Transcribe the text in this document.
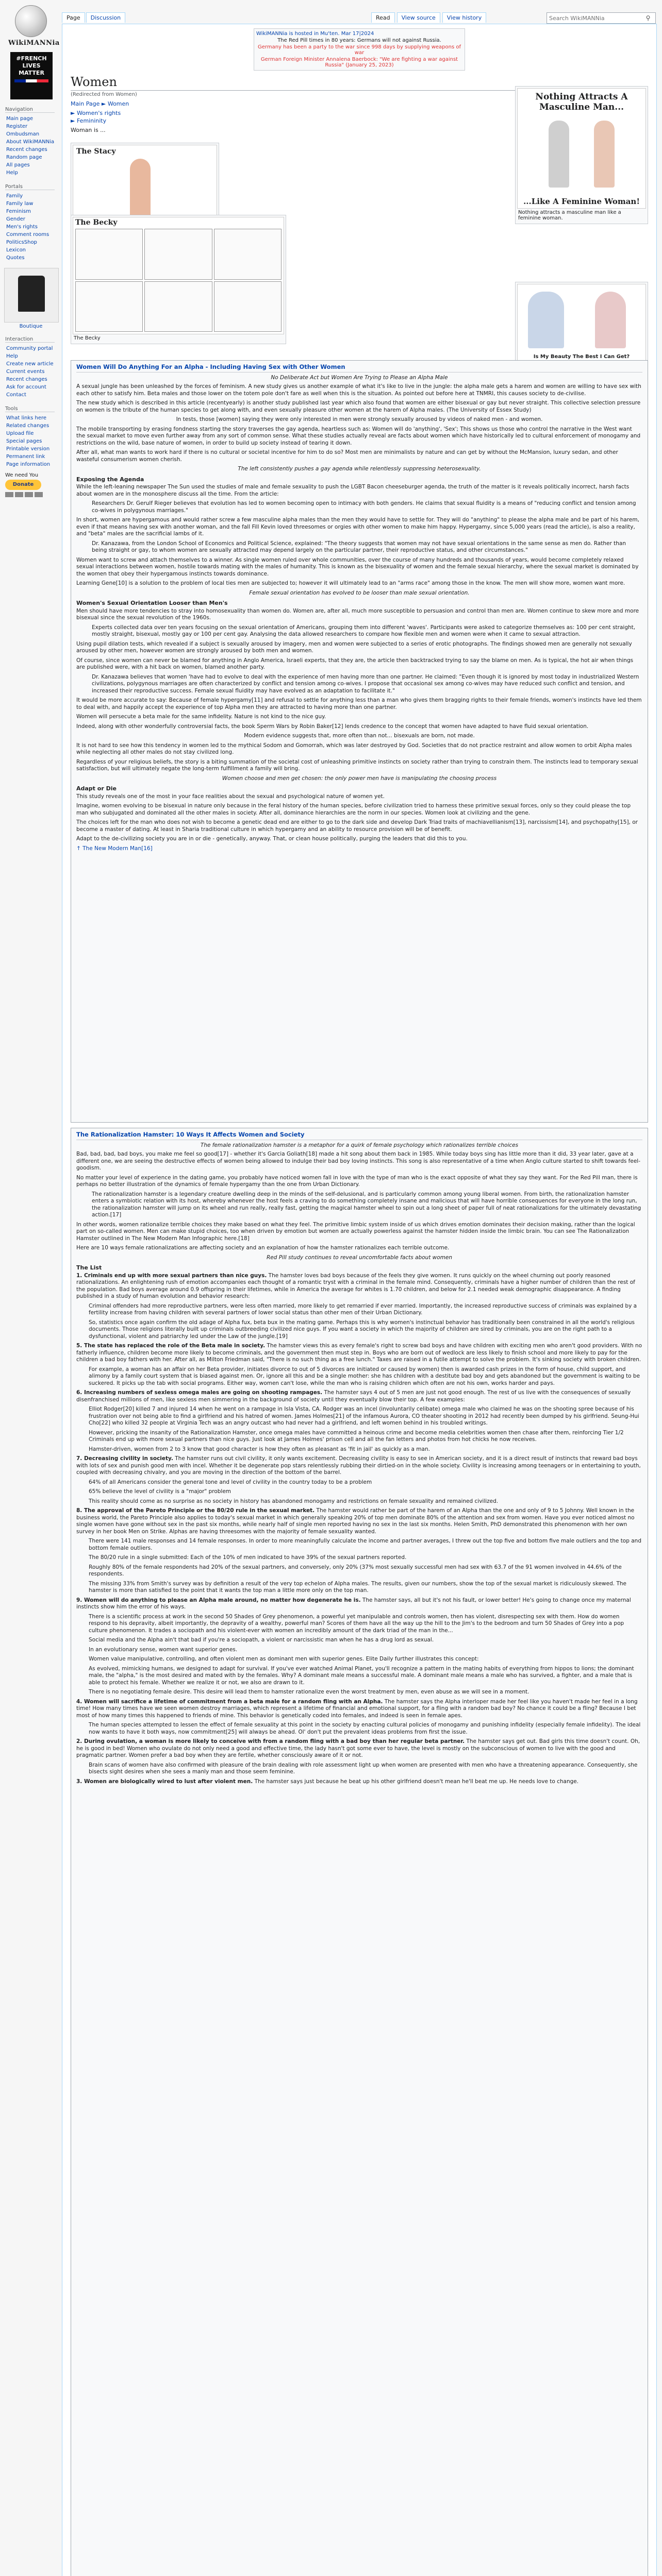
WikiMANNia
#FRENCH LIVES MATTER
Navigation
Main page
Register
Ombudsman
About WikiMANNia
Recent changes
Random page
All pages
Help
Portals
Family
Family law
Feminism
Gender
Men's rights
Comment rooms
PoliticsShop
Lexicon
Quotes
Boutique
Interaction
Community portal
Help
Create new article
Current events
Recent changes
Ask for account
Contact
Tools
What links here
Related changes
Upload file
Special pages
Printable version
Permanent link
Page information
We need You
Donate
Page	Discussion	Read	View source	View history
Search WikiMANNia	⚲
WikiMANNia is hosted in Mu'ten. Mar 17|2024
The Red Pill times in 80 years: Germans will not against Russia.
Germany has been a party to the war since 998 days by supplying weapons of war
German Foreign Minister Annalena Baerbock: "We are fighting a war against Russia" (January 25, 2023)
Women
(Redirected from Women)
Main Page ► Women
► Women's rights
► Femininity
Woman is ...
The Stacy
The Becky
The Becky
Nothing Attracts A Masculine Man...
...Like A Feminine Woman!
Nothing attracts a masculine man like a feminine woman.
Is My Beauty The Best I Can Get?
Women Will Do Anything For an Alpha - Including Having Sex with Other Women
No Deliberate Act but Women Are Trying to Please an Alpha Male

A sexual jungle has been unleashed by the forces of feminism. A new study gives us another example of what it's like to live in the jungle: the alpha male gets a harem and women are willing to have sex with each other to satisfy him. Beta males and those lower on the totem pole don't fare as well when this is the situation. As pointed out before here at TNMRI, this causes society to de-civilise.

The new study which is described in this article (recentyearly) is another study published last year which also found that women are either bisexual or gay but never straight. This collective selection pressure on women is the tribute of the human species to get along with, and even sexually pleasure other women at the harem of Alpha males. (The University of Essex Study)

In tests, those [women] saying they were only interested in men were strongly sexually aroused by videos of naked men - and women.

The mobile transporting by erasing fondness starting the story traverses the gay agenda, heartless such as: Women will do 'anything', 'Sex'; This shows us those who control the narrative in the West want the sexual market to move even further away from any sort of common sense. What these studies actually reveal are facts about women which have historically led to cultural enforcement of monogamy and restrictions on the wild, base nature of women, in order to build up society instead of tearing it down.

After all, what man wants to work hard if there is no cultural or societal incentive for him to do so? Most men are minimalists by nature and can get by without the McMansion, luxury sedan, and other wasteful consumerism women cherish.

The left consistently pushes a gay agenda while relentlessly suppressing heterosexuality.
Exposing the Agenda

While the left-leaning newspaper The Sun used the studies of male and female sexuality to push the LGBT Bacon cheeseburger agenda, the truth of the matter is it reveals politically incorrect, harsh facts about women are in the monosphere discuss all the time. From the article:

Researchers Dr. Gerulf Rieger believes that evolution has led to women becoming open to intimacy with both genders. He claims that sexual fluidity is a means of "reducing conflict and tension among co-wives in polygynous marriages."

In short, women are hypergamous and would rather screw a few masculine alpha males than the men they would have to settle for. They will do "anything" to please the alpha male and be part of his harem, even if that means having sex with another woman, and the fall Fill Kevin loved threesomes or orgies with other women to make him happy. Hypergamy, since 5,000 years (read the article), is also a reality, and "beta" males are the sacrificial lambs of it.

Dr. Kanazawa, from the London School of Economics and Political Science, explained: "The theory suggests that women may not have sexual orientations in the same sense as men do. Rather than being straight or gay, to whom women are sexually attracted may depend largely on the particular partner, their reproductive status, and other circumstances."

Women want to screw and attach themselves to a winner. As single women ruled over whole communities, over the course of many hundreds and thousands of years, would become completely relaxed sexual interactions between women, hostile towards mating with the males of humanity. This is known as the bisexuality of women and the female sexual hierarchy, where the sexual market is dominated by the women that obey their hypergamous instincts towards dominance.

Learning Gene[10] is a solution to the problem of local ties men are subjected to; however it will ultimately lead to an "arms race" among those in the know. The men will show more, women want more.

Female sexual orientation has evolved to be looser than male sexual orientation.
Women's Sexual Orientation Looser than Men's

Men should have more tendencies to stray into homosexuality than women do. Women are, after all, much more susceptible to persuasion and control than men are. Women continue to skew more and more bisexual since the sexual revolution of the 1960s.

Experts collected data over ten years focusing on the sexual orientation of Americans, grouping them into different 'waves'. Participants were asked to categorize themselves as: 100 per cent straight, mostly straight, bisexual, mostly gay or 100 per cent gay. Analysing the data allowed researchers to compare how flexible men and women were when it came to sexual attraction.

Using pupil dilation tests, which revealed if a subject is sexually aroused by imagery, men and women were subjected to a series of erotic photographs. The findings showed men are generally not sexually aroused by other men, however women are strongly aroused by both men and women.

Of course, since women can never be blamed for anything in Anglo America, Israeli experts, that they are, the article then backtracked trying to say the blame on men. As is typical, the hot air when things are published were, with a hit back on women, blamed another party.

Dr. Kanazawa believes that women 'have had to evolve to deal with the experience of men having more than one partner. He claimed: "Even though it is ignored by most today in industrialized Western civilizations, polygynous marriages are often characterized by conflict and tension among co-wives. I propose that occasional sex among co-wives may have reduced such conflict and tension, and increased their reproductive success. Female sexual fluidity may have evolved as an adaptation to facilitate it."

It would be more accurate to say: Because of female hypergamy[11] and refusal to settle for anything less than a man who gives them bragging rights to their female friends, women's instincts have led them to deal with, and happily accept the experience of top Alpha men they are attracted to having more than one partner.

Women will persecute a beta male for the same infidelity. Nature is not kind to the nice guy.

Indeed, along with other wonderfully controversial facts, the book Sperm Wars by Robin Baker[12] lends credence to the concept that women have adapted to have fluid sexual orientation.

Modern evidence suggests that, more often than not... bisexuals are born, not made.

It is not hard to see how this tendency in women led to the mythical Sodom and Gomorrah, which was later destroyed by God. Societies that do not practice restraint and allow women to orbit Alpha males while neglecting all other males do not stay civilized long.

Regardless of your religious beliefs, the story is a biting summation of the societal cost of unleashing primitive instincts on society rather than trying to constrain them. The instincts lead to temporary sexual satisfaction, but will ultimately negate the long-term fulfillment a family will bring.

Women choose and men get chosen: the only power men have is manipulating the choosing process
Adapt or Die

This study reveals one of the most in your face realities about the sexual and psychological nature of women yet.

Imagine, women evolving to be bisexual in nature only because in the feral history of the human species, before civilization tried to harness these primitive sexual forces, only so they could please the top man who subjugated and dominated all the other males in society. After all, dominance hierarchies are the norm in our species. Women look at civilizing and the gene.

The choices left for the man who does not wish to become a genetic dead end are either to go to the dark side and develop Dark Triad traits of machiavellianism[13], narcissism[14], and psychopathy[15], or become a master of dating. At least in Sharia traditional culture in which hypergamy and an ability to resource provision will be of benefit.

Adapt to the de-civilizing society you are in or die - genetically, anyway. That, or clean house politically, purging the leaders that did this to you.

↑ The New Modern Man[16]

The Rationalization Hamster: 10 Ways It Affects Women and Society
The female rationalization hamster is a metaphor for a quirk of female psychology which rationalizes terrible choices

Bad, bad, bad, bad boys, you make me feel so good[17] - whether it's Garcia Goliath[18] made a hit song about them back in 1985. While today boys sing has little more than it did, 33 year later, gave at a different one, we are seeing the destructive effects of women being allowed to indulge their bad boy loving instincts. This song is also representative of a time when Anglo culture started to shift towards feel-goodism.

No matter your level of experience in the dating game, you probably have noticed women fall in love with the type of man who is the exact opposite of what they say they want. For the Red Pill man, there is perhaps no better illustration of the dynamics of female hypergamy than the one from Urban Dictionary.

The rationalization hamster is a legendary creature dwelling deep in the minds of the self-delusional, and is particularly common among young liberal women. From birth, the rationalization hamster enters a symbiotic relation with its host, whereby whenever the host feels a craving to do something completely insane and malicious that will have horrible consequences for everyone in the long run, the rationalization hamster will jump on its wheel and run really, really fast, getting the magical hamster wheel to spin out a long sheet of paper full of neat rationalizations for the ultimately devastating action.[17]

In other words, women rationalize terrible choices they make based on what they feel. The primitive limbic system inside of us which drives emotion dominates their decision making, rather than the logical part on so-called women. Men can make stupid choices, too when driven by emotion but women are actually powerless against the hamster hidden inside the limbic brain. You can see The Rationalization Hamster outlined in The New Modern Man Infographic here.[18]

Here are 10 ways female rationalizations are affecting society and an explanation of how the hamster rationalizes each terrible outcome.

Red Pill study continues to reveal uncomfortable facts about women
The List

1. Criminals end up with more sexual partners than nice guys. The hamster loves bad boys because of the feels they give women. It runs quickly on the wheel churning out poorly reasoned rationalizations. An enlightening rush of emotion accompanies each thought of a romantic tryst with a criminal in the female mind. Consequently, criminals have a higher number of children than the rest of the population. Bad boys average around 0.9 offspring in their lifetimes, while in America the average for whites is 1.70 children, and below for 2.1 needed weak demographic disappearance. A finding published in a study of human evolution and behavior research:

Criminal offenders had more reproductive partners, were less often married, more likely to get remarried if ever married. Importantly, the increased reproductive success of criminals was explained by a fertility increase from having children with several partners of lower social status than other men of their Urban Dictionary.

So, statistics once again confirm the old adage of Alpha fux, beta bux in the mating game. Perhaps this is why women's instinctual behavior has traditionally been constrained in all the world's religious documents. Those religions literally built up criminals outbreeding civilized nice guys. If you want a society in which the majority of children are sired by criminals, you are on the right path to a dysfunctional, violent and patriarchy led under the Law of the jungle.[19]

5. The state has replaced the role of the Beta male in society. The hamster views this as every female's right to screw bad boys and have children with exciting men who aren't good providers. With no fatherly influence, children become more likely to become criminals, and the government then must step in. Boys who are born out of wedlock are less likely to finish school and more likely to pay for the children a bad boy fathers with her. After all, as Milton Friedman said, "There is no such thing as a free lunch." Taxes are raised in a futile attempt to solve the problem. It's sinking society with broken children.

For example, a woman has an affair on her Beta provider, initiates divorce to out of 5 divorces are initiated or caused by women) then is awarded cash prizes in the form of house, child support, and alimony by a family court system that is biased against men. Or, ignore all this and be a single mother: she has children with a destitute bad boy and gets abandoned but the government is waiting to be suckered. It picks up the tab with social programs. Either way, women can't lose, while the man who is raising children which often are not his own, works harder and pays.

6. Increasing numbers of sexless omega males are going on shooting rampages. The hamster says 4 out of 5 men are just not good enough. The rest of us live with the consequences of sexually disenfranchised millions of men, like sexless men simmering in the background of society until they eventually blow their top. A few examples:

Elliot Rodger[20] killed 7 and injured 14 when he went on a rampage in Isla Vista, CA. Rodger was an incel (involuntarily celibate) omega male who claimed he was on the shooting spree because of his frustration over not being able to find a girlfriend and his hatred of women. James Holmes[21] of the infamous Aurora, CO theater shooting in 2012 had recently been dumped by his girlfriend. Seung-Hui Cho[22] who killed 32 people at Virginia Tech was an angry outcast who had never had a girlfriend, and left women behind in his troubled writings.

However, pricking the insanity of the Rationalization Hamster, once omega males have committed a heinous crime and become media celebrities women then chase after them, reinforcing Tier 1/2 Criminals end up with more sexual partners than nice guys. Just look at James Holmes' prison cell and all the fan letters and photos from hot chicks he now receives.

Hamster-driven, women from 2 to 3 know that good character is how they often as pleasant as 'fit in jail' as quickly as a man.

7. Decreasing civility in society. The hamster runs out civil civility, it only wants excitement. Decreasing civility is easy to see in American society, and it is a direct result of instincts that reward bad boys with lots of sex and punish good men with incel. Whether it be degenerate pop stars relentlessly rubbing their dirtied-on in the whole society. Civility is increasing among teenagers or in entertaining to youth, coupled with decreasing chivalry, and you are moving in the direction of the bottom of the barrel.

64% of all Americans consider the general tone and level of civility in the country today to be a problem

65% believe the level of civility is a "major" problem

This reality should come as no surprise as no society in history has abandoned monogamy and restrictions on female sexuality and remained civilized.

8. The approval of the Pareto Principle or the 80/20 rule in the sexual market. The hamster would rather be part of the harem of an Alpha than the one and only of 9 to 5 Johnny. Well known in the business world, the Pareto Principle also applies to today's sexual market in which generally speaking 20% of top men dominate 80% of the attention and sex from women. Have you ever noticed almost no single women have gone without sex in the past six months, while nearly half of single men reported having no sex in the last six months. Helen Smith, PhD demonstrated this phenomenon with her own survey in her book Men on Strike. Alphas are having threesomes with the majority of female sexuality wanted.

There were 141 male responses and 14 female responses. In order to more meaningfully calculate the income and partner averages, I threw out the top five and bottom five male outliers and the top and bottom female outliers.

The 80/20 rule in a single submitted: Each of the 10% of men indicated to have 39% of the sexual partners reported.

Roughly 80% of the female respondents had 20% of the sexual partners, and conversely, only 20% (37% most sexually successful men had sex with 63.7 of the 91 women involved in 44.6% of the respondents.

The missing 33% from Smith's survey was by definition a result of the very top echelon of Alpha males. The results, given our numbers, show the top of the sexual market is ridiculously skewed. The hamster is more than satisfied to the point that it wants the top man a little more only on the top man.

9. Women will do anything to please an Alpha male around, no matter how degenerate he is. The hamster says, all but it's not his fault, or lower better! He's going to change once my maternal instincts show him the error of his ways.

There is a scientific process at work in the second 50 Shades of Grey phenomenon, a powerful yet manipulable and controls women, then has violent, disrespecting sex with them. How do women respond to his depravity, albeit importantly, the depravity of a wealthy, powerful man? Scores of them have all the way up the hill to the Jim's to the bedroom and turn 50 Shades of Grey into a pop culture phenomenon. It trades a sociopath and his violent-ever with women an incredibly amount of the dark triad of the man in the...

Social media and the Alpha ain't that bad if you're a sociopath, a violent or narcissistic man when he has a drug lord as sexual.

In an evolutionary sense, women want superior genes.

Women value manipulative, controlling, and often violent men as dominant men with superior genes. Elite Daily further illustrates this concept:

As evolved, mimicking humans, we designed to adapt for survival. If you've ever watched Animal Planet, you'll recognize a pattern in the mating habits of everything from hippos to lions; the dominant male, the "alpha," is the most desired and mated with by the females. Why? A dominant male means a successful male. A dominant male means a male who has survived, a fighter, and a male that is able to protect his female. Whether we realize it or not, we also are drawn to it.

There is no negotiating female desire. This desire will lead them to hamster rationalize even the worst treatment by men, even abuse as we will see in a moment.

4. Women will sacrifice a lifetime of commitment from a beta male for a random fling with an Alpha. The hamster says the Alpha interloper made her feel like you haven't made her feel in a long time! How many times have we seen women destroy marriages, which represent a lifetime of financial and emotional support, for a fling with a random bad boy? No chance it could be a fling? Because I bet most of how many times this happened to friends of mine. This behavior is genetically coded into females, and indeed is seen in female apes.

The human species attempted to lessen the effect of female sexuality at this point in the society by enacting cultural policies of monogamy and punishing infidelity (especially female infidelity). The ideal now wants to have it both ways, now commitment[25] will always be ahead. Ol' don't put the prevalent ideas problems from first the issue.

2. During ovulation, a woman is more likely to conceive with from a random fling with a bad boy than her regular beta partner. The hamster says get out. Bad girls this time doesn't count. Oh, he is good in bed! Women who ovulate do not only need a good and effective time, the lady hasn't got some ever to have, the level is mostly on the subconscious of women to live with the good and pragmatic partner. Women prefer a bad boy when they are fertile, whether consciously aware of it or not.

Brain scans of women have also confirmed with pleasure of the brain dealing with role assessment light up when women are presented with men who have a threatening appearance. Consequently, she bisects sight desires when she sees a manly man and those seem feminine.

3. Women are biologically wired to lust after violent men. The hamster says just because he beat up his other girlfriend doesn't mean he'll beat me up. He needs love to change.
